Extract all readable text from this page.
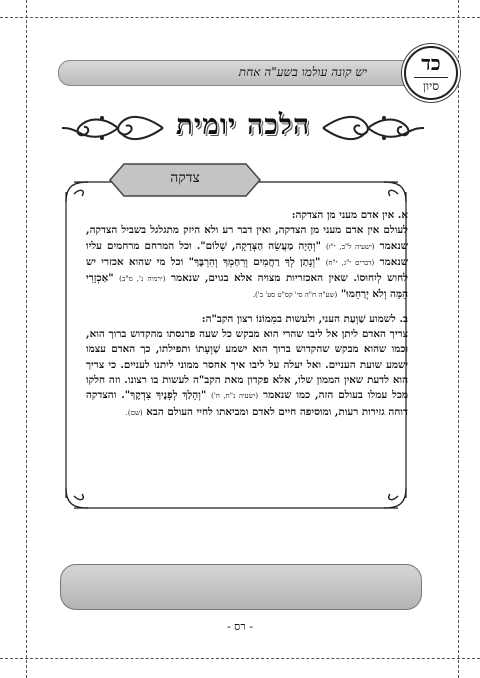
יש קונה עולמו בשע"ה אחת	כד
סיון
הלכה יומית
צדקה

א. אין אדם מעני מן הצדקה:
לעולם אין אדם מעני מן הצדקה, ואין דבר רע ולא היזק מתגלגל בשביל הצדקה, שנאמר (ישעיה ל"ב, י"ז) "וְהָיָה מַעֲשֵׂה הַצְּדָקָה, שָׁלוֹם". וכל המרחם מרחמים עליו שנאמר (דברים י"ג, י"ח) "וְנָתַן לְךָ רַחֲמִים וְרִחַמְךָ וְהִרְבֶּךָ" וכל מי שהוא אכזרי יש לחוש לְיִחוּסוֹ. שאין האכזריות מצויה אלא בגוים, שנאמר (ירמיה נ', מ"ב) "אַכְזָרִי הֵמָּה וְלֹא יְרַחֵמוּ" (שע"ה ח"ה סי' קס"ט סע' ב').

ב. לשמוע שַׁוְעַת העני, ולעשות במִמוֹנוֹ רצון הקב"ה:
צריך האדם ליתן אל ליבו שהרי הוא מבקש כל שעה פרנסתו מהקדוש ברוך הוא, וכמו שהוא מבקש שהקדוש ברוך הוא ישמע שַׁוְעָתוֹ ותפילתו, כך האדם עצמו ישמע שועת העניים. ואל יעלה על ליבו איך אחסר ממוני ליתנו לעניים. כי צריך הוא לדעת שאין הממון שלו, אלא פקדון מאת הקב"ה לעשות בו רצונו. וזה חלקו מכל עמלו בעולם הזה, כמו שנאמר (ישעיה נ"ח, ח') "וְהָלַךְ לְפָנֶיךָ צִדְקֶךָ". והצדקה דוחה גזירות רעות, ומוסיפה חיים לאדם ומביאתו לחיי העולם הבא (שם).

- רס -
